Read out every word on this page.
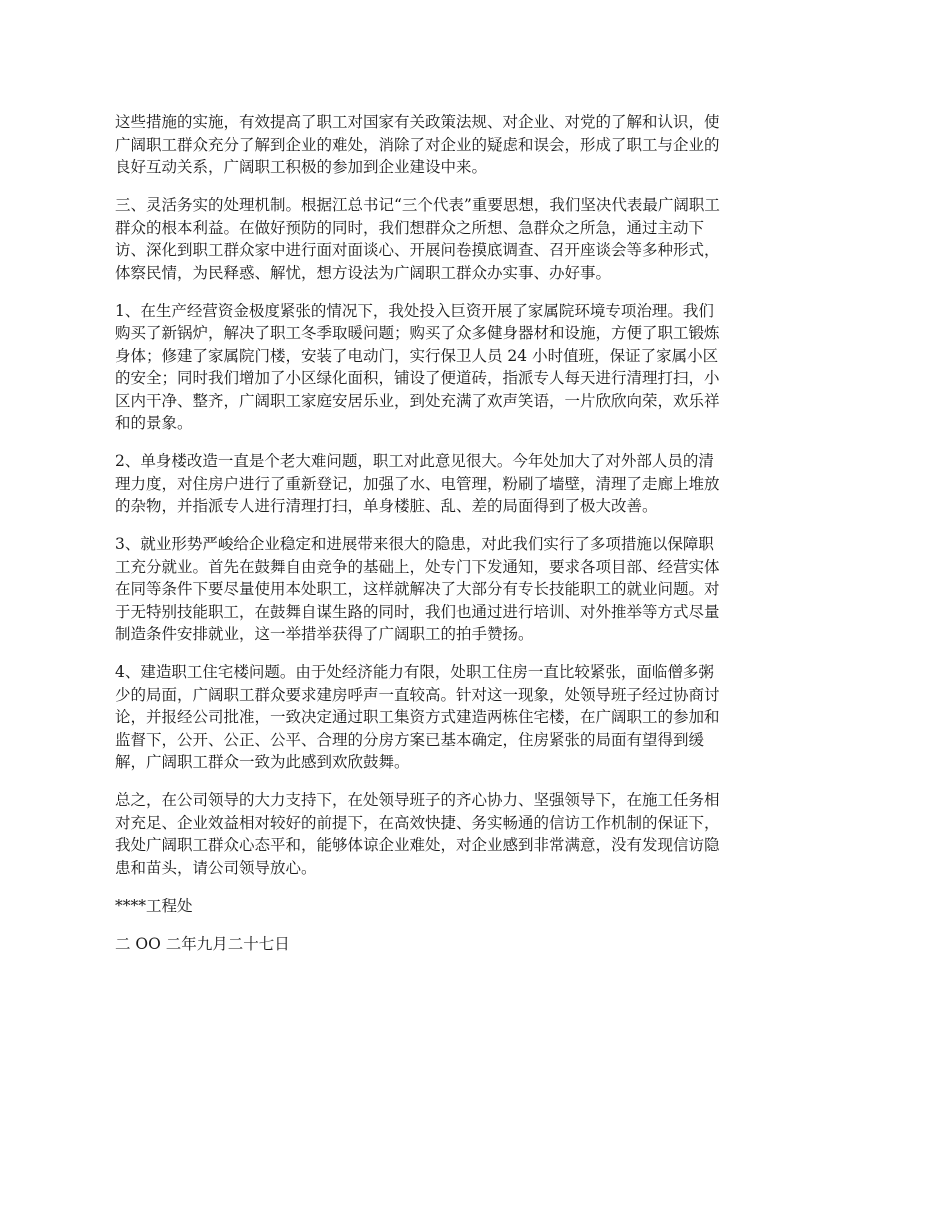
这些措施的实施，有效提高了职工对国家有关政策法规、对企业、对党的了解和认识，使
广阔职工群众充分了解到企业的难处，消除了对企业的疑虑和误会，形成了职工与企业的
良好互动关系，广阔职工积极的参加到企业建设中来。

三、灵活务实的处理机制。根据江总书记“三个代表”重要思想，我们坚决代表最广阔职工
群众的根本利益。在做好预防的同时，我们想群众之所想、急群众之所急，通过主动下
访、深化到职工群众家中进行面对面谈心、开展问卷摸底调查、召开座谈会等多种形式，
体察民情，为民释惑、解忧，想方设法为广阔职工群众办实事、办好事。

1、在生产经营资金极度紧张的情况下，我处投入巨资开展了家属院环境专项治理。我们
购买了新锅炉，解决了职工冬季取暖问题；购买了众多健身器材和设施，方便了职工锻炼
身体；修建了家属院门楼，安装了电动门，实行保卫人员 24 小时值班，保证了家属小区
的安全；同时我们增加了小区绿化面积，铺设了便道砖，指派专人每天进行清理打扫，小
区内干净、整齐，广阔职工家庭安居乐业，到处充满了欢声笑语，一片欣欣向荣，欢乐祥
和的景象。

2、单身楼改造一直是个老大难问题，职工对此意见很大。今年处加大了对外部人员的清
理力度，对住房户进行了重新登记，加强了水、电管理，粉刷了墙壁，清理了走廊上堆放
的杂物，并指派专人进行清理打扫，单身楼脏、乱、差的局面得到了极大改善。

3、就业形势严峻给企业稳定和进展带来很大的隐患，对此我们实行了多项措施以保障职
工充分就业。首先在鼓舞自由竞争的基础上，处专门下发通知，要求各项目部、经营实体
在同等条件下要尽量使用本处职工，这样就解决了大部分有专长技能职工的就业问题。对
于无特别技能职工，在鼓舞自谋生路的同时，我们也通过进行培训、对外推举等方式尽量
制造条件安排就业，这一举措举获得了广阔职工的拍手赞扬。

4、建造职工住宅楼问题。由于处经济能力有限，处职工住房一直比较紧张，面临僧多粥
少的局面，广阔职工群众要求建房呼声一直较高。针对这一现象，处领导班子经过协商讨
论，并报经公司批准，一致决定通过职工集资方式建造两栋住宅楼，在广阔职工的参加和
监督下，公开、公正、公平、合理的分房方案已基本确定，住房紧张的局面有望得到缓
解，广阔职工群众一致为此感到欢欣鼓舞。

总之，在公司领导的大力支持下，在处领导班子的齐心协力、坚强领导下，在施工任务相
对充足、企业效益相对较好的前提下，在高效快捷、务实畅通的信访工作机制的保证下，
我处广阔职工群众心态平和，能够体谅企业难处，对企业感到非常满意，没有发现信访隐
患和苗头，请公司领导放心。

****工程处

二 OO 二年九月二十七日
